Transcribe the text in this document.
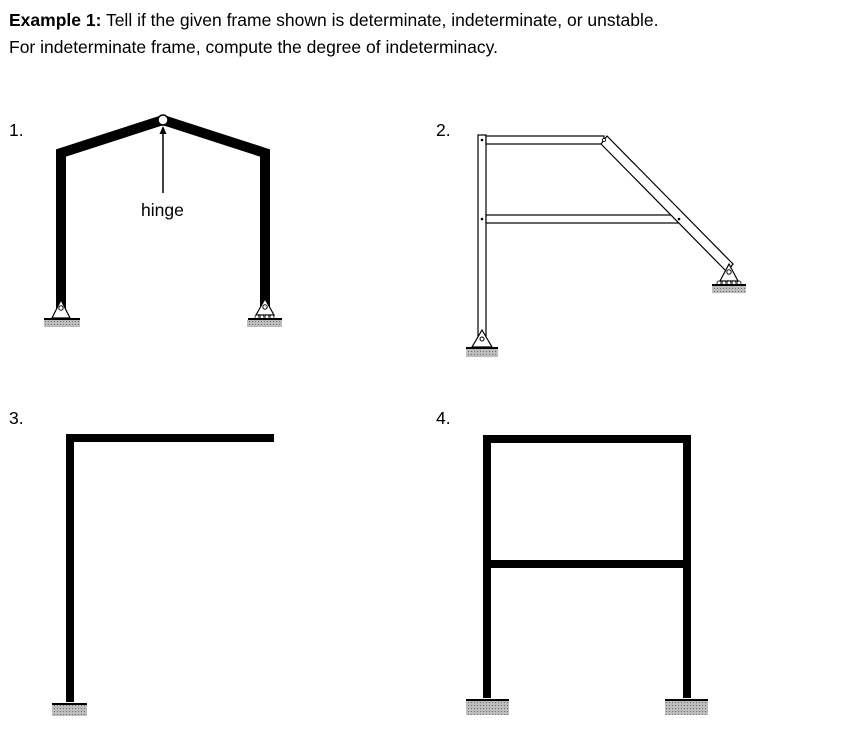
Example 1: Tell if the given frame shown is determinate, indeterminate, or unstable.
For indeterminate frame, compute the degree of indeterminacy.
1.	2.
3.	4.
hinge
